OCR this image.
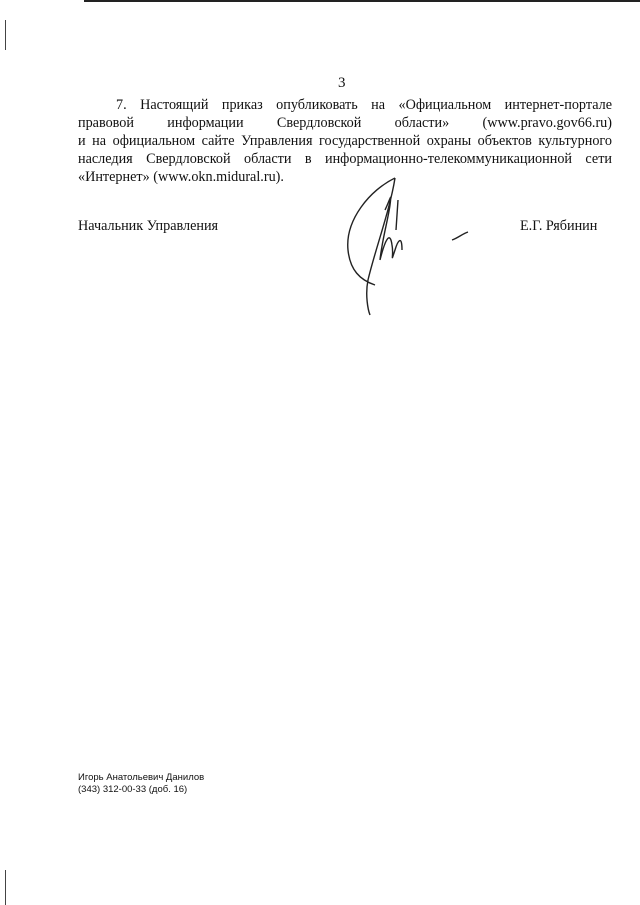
3
7. Настоящий приказ опубликовать на «Официальном интернет-портале
правовой информации Свердловской области» (www.pravo.gov66.ru)
и на официальном сайте Управления государственной охраны объектов культурного
наследия Свердловской области в информационно-телекоммуникационной сети
«Интернет» (www.okn.midural.ru).
Начальник Управления	Е.Г. Рябинин
Игорь Анатольевич Данилов
(343) 312-00-33 (доб. 16)
